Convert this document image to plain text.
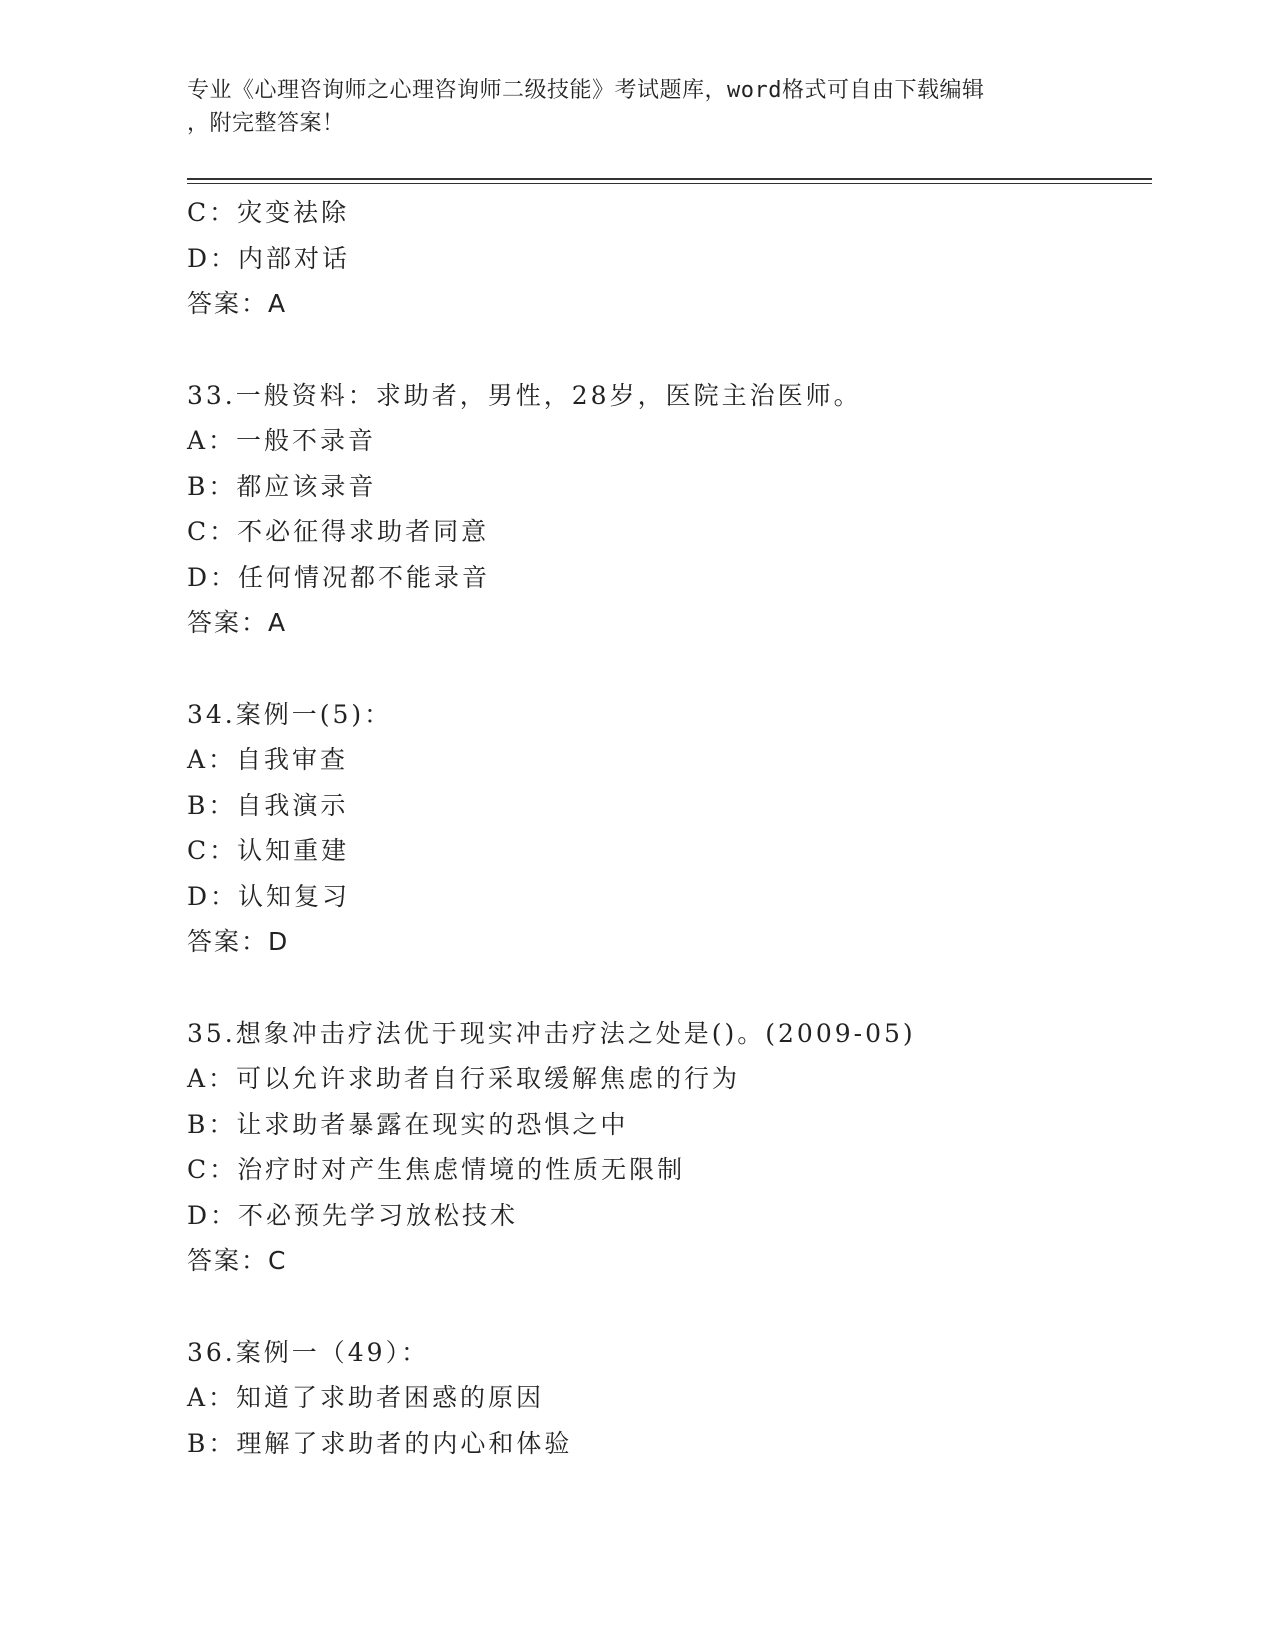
专业《心理咨询师之心理咨询师二级技能》考试题库，word格式可自由下载编辑
，附完整答案！
C：灾变祛除
D：内部对话
答案：A
33.一般资料：求助者，男性，28岁，医院主治医师。
A：一般不录音
B：都应该录音
C：不必征得求助者同意
D：任何情况都不能录音
答案：A
34.案例一(5)：
A：自我审查
B：自我演示
C：认知重建
D：认知复习
答案：D
35.想象冲击疗法优于现实冲击疗法之处是()。(2009-05)
A：可以允许求助者自行采取缓解焦虑的行为
B：让求助者暴露在现实的恐惧之中
C：治疗时对产生焦虑情境的性质无限制
D：不必预先学习放松技术
答案：C
36.案例一（49）：
A：知道了求助者困惑的原因
B：理解了求助者的内心和体验
